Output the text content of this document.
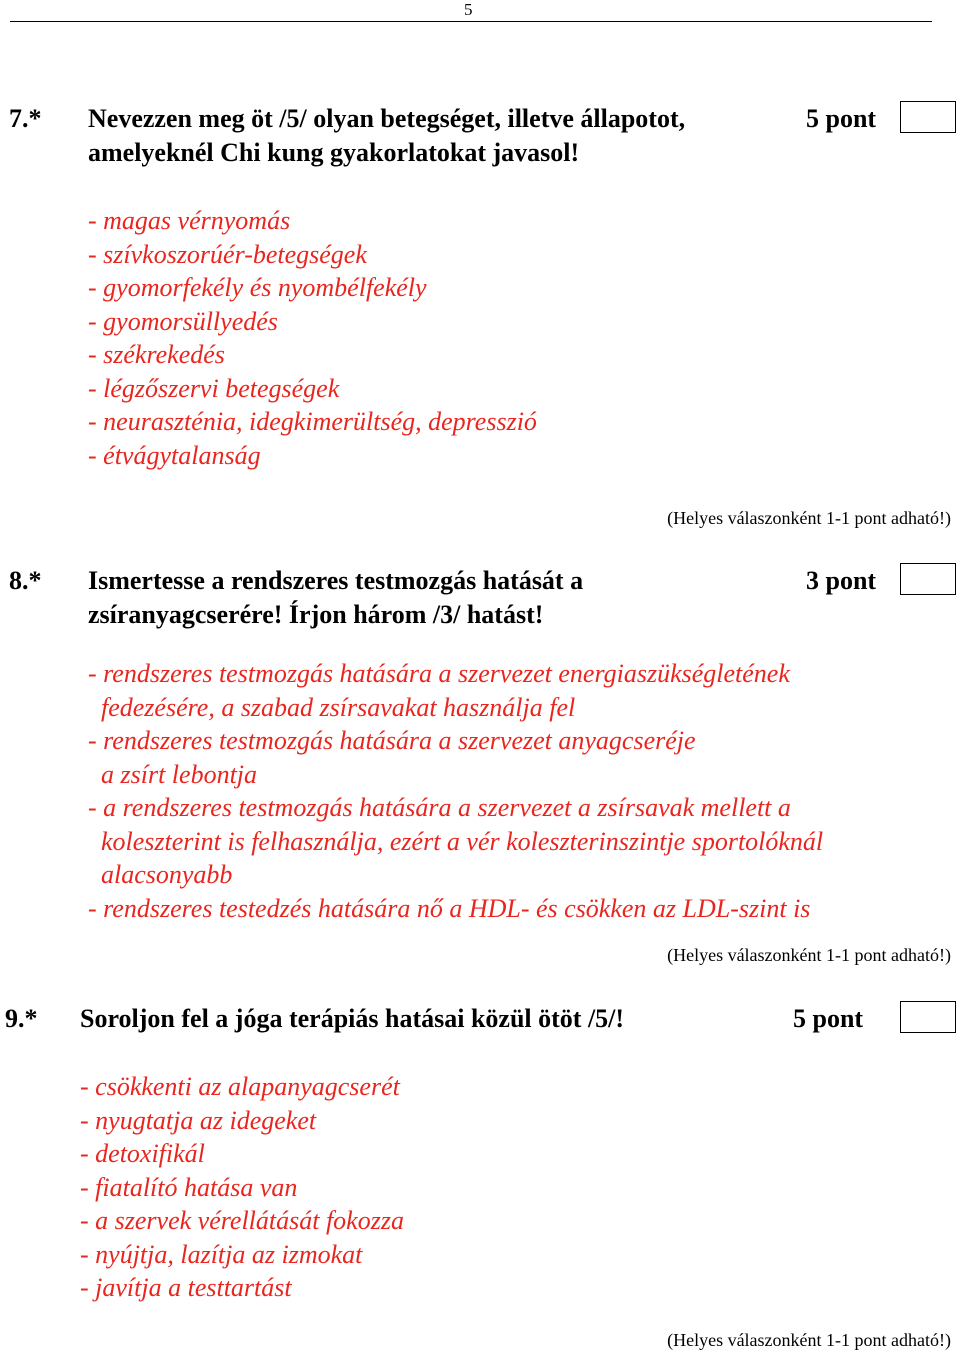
5
7.* Nevezzen meg öt /5/ olyan betegséget, illetve állapotot,
amelyeknél Chi kung gyakorlatokat javasol!
5 pont
- magas vérnyomás
- szívkoszorúér-betegségek
- gyomorfekély és nyombélfekély
- gyomorsüllyedés
- székrekedés
- légzőszervi betegségek
- neuraszténia, idegkimerültség, depresszió
- étvágytalanság
(Helyes válaszonként 1-1 pont adható!)
8.* Ismertesse a rendszeres testmozgás hatását a
zsíranyagcserére! Írjon három /3/ hatást!
3 pont
- rendszeres testmozgás hatására a szervezet energiaszükségletének
fedezésére, a szabad zsírsavakat használja fel
- rendszeres testmozgás hatására a szervezet anyagcseréje
a zsírt lebontja
- a rendszeres testmozgás hatására a szervezet a zsírsavak mellett a
koleszterint is felhasználja, ezért a vér koleszterinszintje sportolóknál
alacsonyabb
- rendszeres testedzés hatására nő a HDL- és csökken az LDL-szint is
(Helyes válaszonként 1-1 pont adható!)
9.* Soroljon fel a jóga terápiás hatásai közül ötöt /5/!	5 pont
- csökkenti az alapanyagcserét
- nyugtatja az idegeket
- detoxifikál
- fiatalító hatása van
- a szervek vérellátását fokozza
- nyújtja, lazítja az izmokat
- javítja a testtartást
(Helyes válaszonként 1-1 pont adható!)
